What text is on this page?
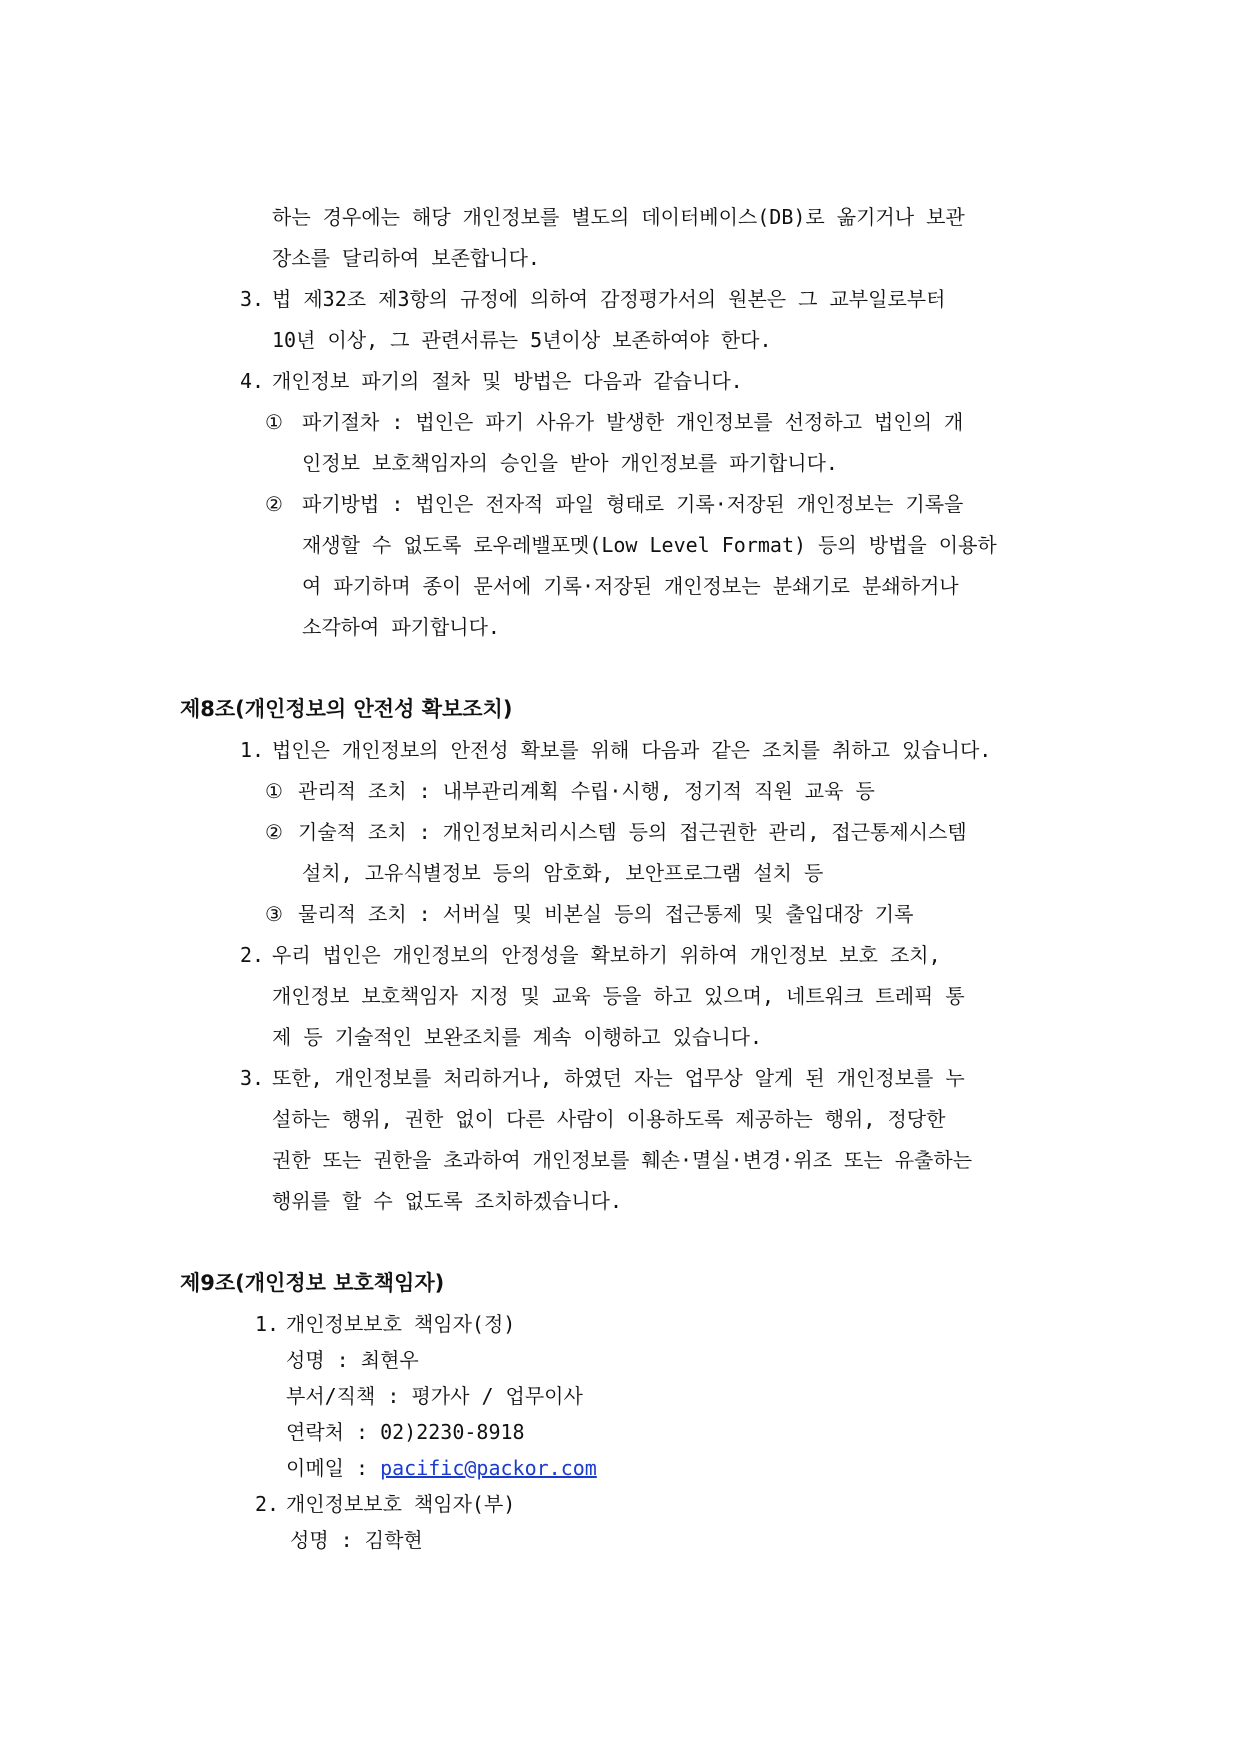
하는 경우에는 해당 개인정보를 별도의 데이터베이스(DB)로 옮기거나 보관
장소를 달리하여 보존합니다.
3. 법 제32조 제3항의 규정에 의하여 감정평가서의 원본은 그 교부일로부터
10년 이상, 그 관련서류는 5년이상 보존하여야 한다.
4. 개인정보 파기의 절차 및 방법은 다음과 같습니다.
① 파기절차 : 법인은 파기 사유가 발생한 개인정보를 선정하고 법인의 개
인정보 보호책임자의 승인을 받아 개인정보를 파기합니다.
② 파기방법 : 법인은 전자적 파일 형태로 기록·저장된 개인정보는 기록을
재생할 수 없도록 로우레밸포멧(Low Level Format) 등의 방법을 이용하
여 파기하며 종이 문서에 기록·저장된 개인정보는 분쇄기로 분쇄하거나
소각하여 파기합니다.
제8조(개인정보의 안전성 확보조치)
1. 법인은 개인정보의 안전성 확보를 위해 다음과 같은 조치를 취하고 있습니다.
① 관리적 조치 : 내부관리계획 수립·시행, 정기적 직원 교육 등
② 기술적 조치 : 개인정보처리시스템 등의 접근권한 관리, 접근통제시스템
설치, 고유식별정보 등의 암호화, 보안프로그램 설치 등
③ 물리적 조치 : 서버실 및 비본실 등의 접근통제 및 출입대장 기록
2. 우리 법인은 개인정보의 안정성을 확보하기 위하여 개인정보 보호 조치,
개인정보 보호책임자 지정 및 교육 등을 하고 있으며, 네트워크 트레픽 통
제 등 기술적인 보완조치를 계속 이행하고 있습니다.
3. 또한, 개인정보를 처리하거나, 하였던 자는 업무상 알게 된 개인정보를 누
설하는 행위, 권한 없이 다른 사람이 이용하도록 제공하는 행위, 정당한
권한 또는 권한을 초과하여 개인정보를 훼손·멸실·변경·위조 또는 유출하는
행위를 할 수 없도록 조치하겠습니다.
제9조(개인정보 보호책임자)
1. 개인정보보호 책임자(정)
성명 : 최현우
부서/직책 : 평가사 / 업무이사
연락처 : 02)2230-8918
이메일 : pacific@packor.com
2. 개인정보보호 책임자(부)
성명 : 김학현
